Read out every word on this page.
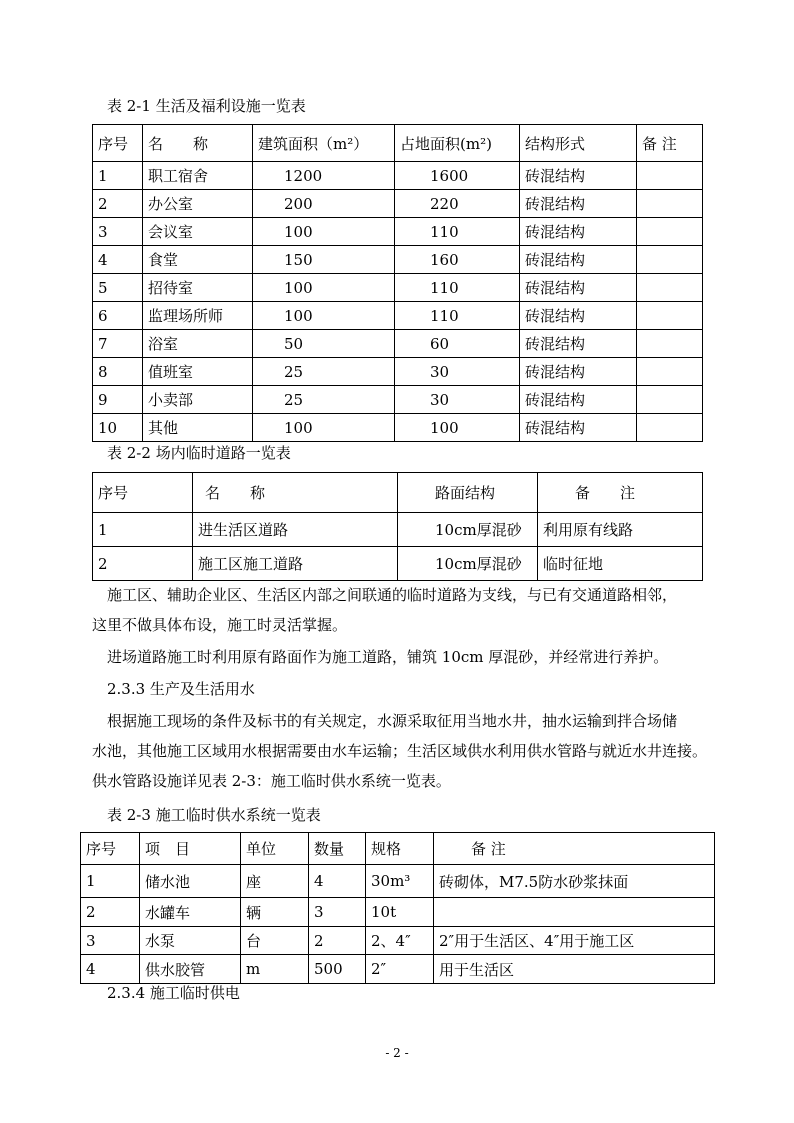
表 2-1 生活及福利设施一览表
序号	名　　称	建筑面积（m²）	占地面积(m²)	结构形式	备 注
1	职工宿舍	1200	1600	砖混结构	
2	办公室	200	220	砖混结构	
3	会议室	100	110	砖混结构	
4	食堂	150	160	砖混结构	
5	招待室	100	110	砖混结构	
6	监理场所师	100	110	砖混结构	
7	浴室	50	60	砖混结构	
8	值班室	25	30	砖混结构	
9	小卖部	25	30	砖混结构	
10	其他	100	100	砖混结构	
表 2-2 场内临时道路一览表
序号	名　　称	路面结构	备　　注
1	进生活区道路	10cm厚混砂	利用原有线路
2	施工区施工道路	10cm厚混砂	临时征地
施工区、辅助企业区、生活区内部之间联通的临时道路为支线，与已有交通道路相邻，
这里不做具体布设，施工时灵活掌握。
进场道路施工时利用原有路面作为施工道路，铺筑 10cm 厚混砂，并经常进行养护。
2.3.3 生产及生活用水
根据施工现场的条件及标书的有关规定，水源采取征用当地水井，抽水运输到拌合场储
水池，其他施工区域用水根据需要由水车运输；生活区域供水利用供水管路与就近水井连接。
供水管路设施详见表 2-3：施工临时供水系统一览表。
表 2-3 施工临时供水系统一览表
序号	项　目	单位	数量	规格	备 注
1	储水池	座	4	30m³	砖砌体，M7.5防水砂浆抹面
2	水罐车	辆	3	10t	
3	水泵	台	2	2、4″	2″用于生活区、4″用于施工区
4	供水胶管	m	500	2″	用于生活区
2.3.4 施工临时供电
- 2 -
